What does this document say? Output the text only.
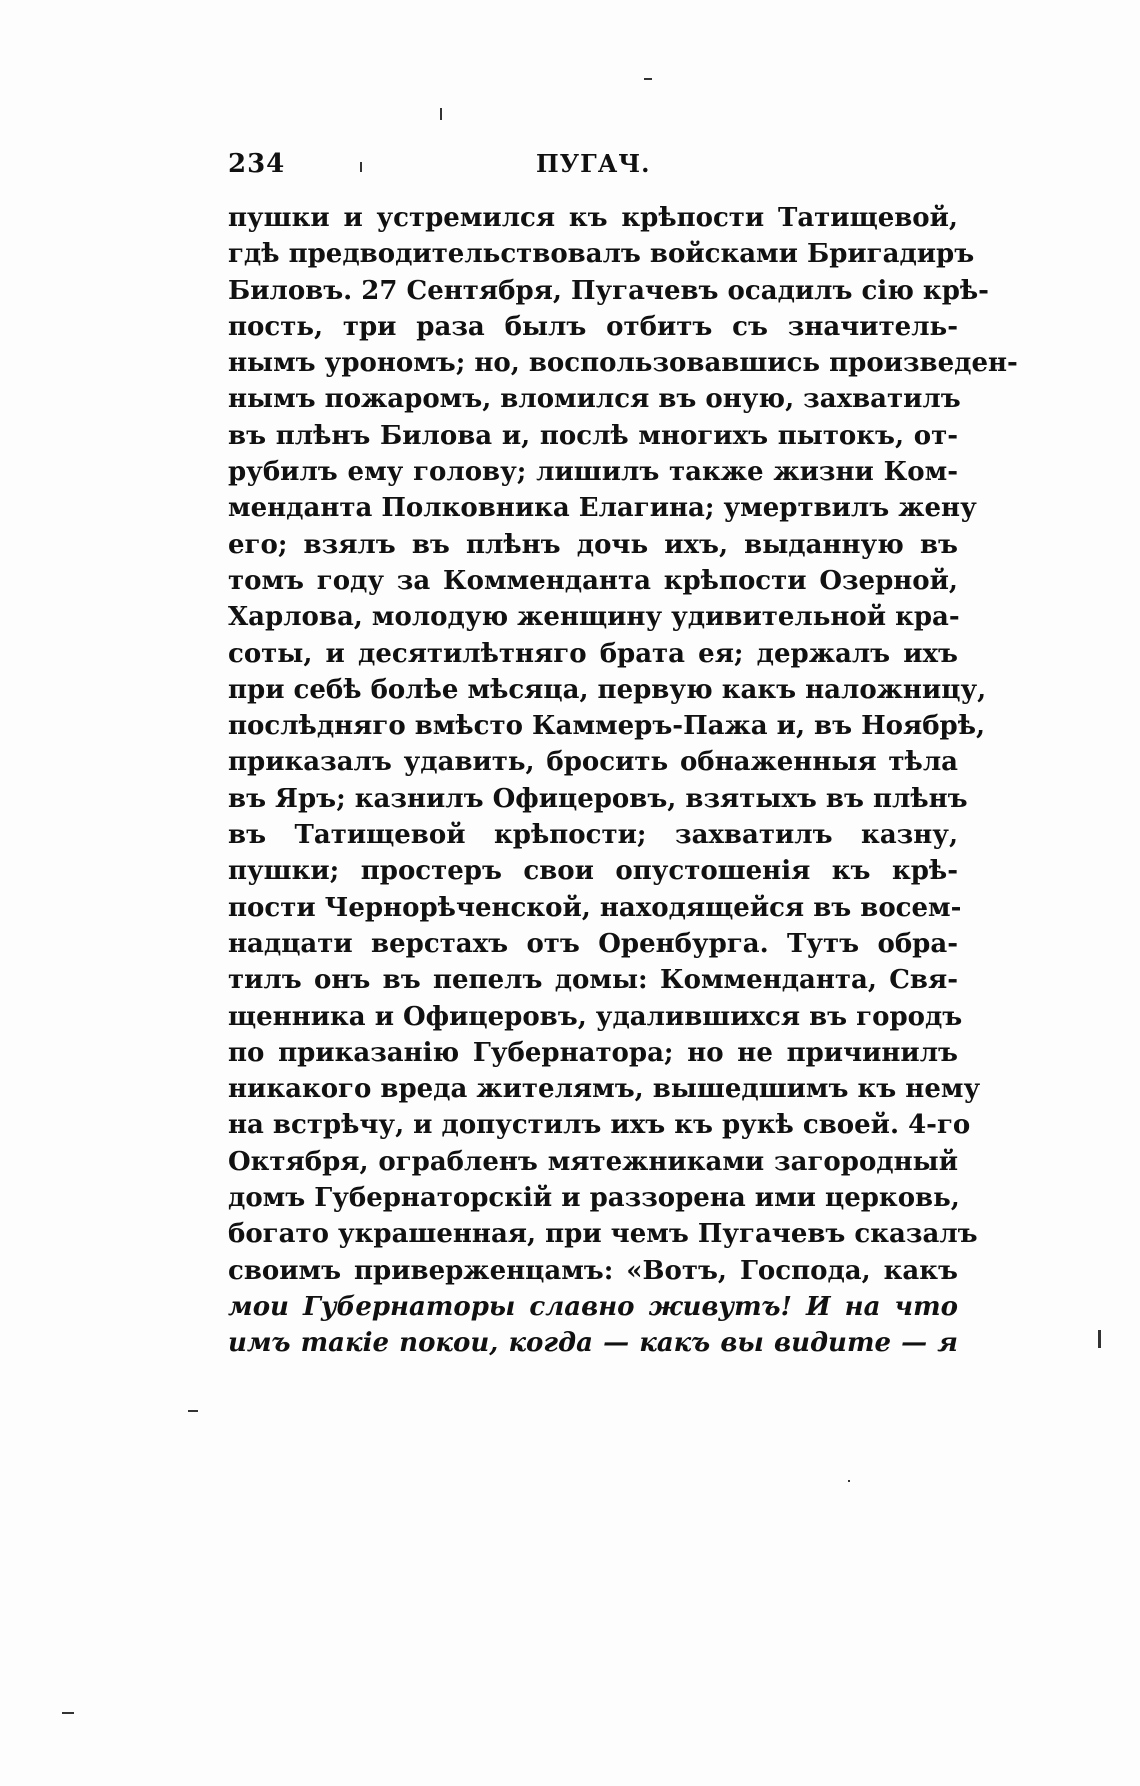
234	ПУГАЧ.
пушки и устремился къ крѣпости Татищевой,
гдѣ предводительствовалъ войсками Бригадиръ
Биловъ. 27 Сентября, Пугачевъ осадилъ сію крѣ-
пость, три раза былъ отбитъ съ значитель-
нымъ урономъ; но, воспользовавшись произведен-
нымъ пожаромъ, вломился въ оную, захватилъ
въ плѣнъ Билова и, послѣ многихъ пытокъ, от-
рубилъ ему голову; лишилъ также жизни Ком-
менданта Полковника Елагина; умертвилъ жену
его; взялъ въ плѣнъ дочь ихъ, выданную въ
томъ году за Комменданта крѣпости Озерной,
Харлова, молодую женщину удивительной кра-
соты, и десятилѣтняго брата ея; держалъ ихъ
при себѣ болѣе мѣсяца, первую какъ наложницу,
послѣдняго вмѣсто Каммеръ-Пажа и, въ Ноябрѣ,
приказалъ удавить, бросить обнаженныя тѣла
въ Яръ; казнилъ Офицеровъ, взятыхъ въ плѣнъ
въ Татищевой крѣпости; захватилъ казну,
пушки; простеръ свои опустошенія къ крѣ-
пости Чернорѣченской, находящейся въ восем-
надцати верстахъ отъ Оренбурга. Тутъ обра-
тилъ онъ въ пепелъ домы: Комменданта, Свя-
щенника и Офицеровъ, удалившихся въ городъ
по приказанію Губернатора; но не причинилъ
никакого вреда жителямъ, вышедшимъ къ нему
на встрѣчу, и допустилъ ихъ къ рукѣ своей. 4-го
Октября, ограбленъ мятежниками загородный
домъ Губернаторскій и раззорена ими церковь,
богато украшенная, при чемъ Пугачевъ сказалъ
своимъ приверженцамъ: «Вотъ, Господа, какъ
мои Губернаторы славно живутъ! И на что
имъ такіе покои, когда — какъ вы видите — я
